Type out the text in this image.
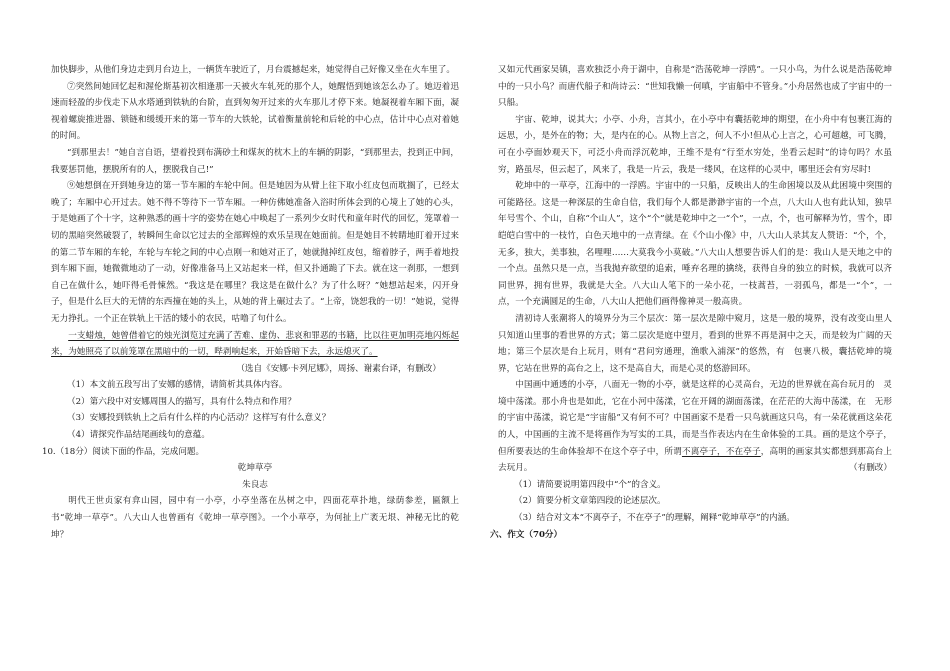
加快脚步，从他们身边走到月台边上，一辆货车驶近了，月台震撼起来，她觉得自己好像又坐在火车里了。

⑦突然间她回忆起和渥伦斯基初次相逢那一天被火车轧死的那个人，她醒悟到她该怎么办了。她迈着迅速而轻盈的步伐走下从水塔通到铁轨的台阶，直到匆匆开过来的火车那儿才停下来。她凝视着车厢下面，凝视着螺旋推进器、锁链和缓缓开来的第一节车的大铁轮，试着衡量前轮和后轮的中心点，估计中心点对着她的时间。

“到那里去！”她自言自语，望着投到布满砂土和煤灰的枕木上的车辆的阴影，“到那里去，投到正中间，我要惩罚他，摆脱所有的人，摆脱我自己!”

⑨她想倒在开到她身边的第一节车厢的车轮中间。但是她因为从臂上往下取小红皮包而耽搁了，已经太晚了；车厢中心开过去。她不得不等待下一节车厢。一种仿佛她准备入浴时所体会到的心境上了她的心头，于是她画了个十字，这种熟悉的画十字的姿势在她心中唤起了一系列少女时代和童年时代的回忆，笼罩着一切的黑暗突然破裂了，转瞬间生命以它过去的全部辉煌的欢乐呈现在她面前。但是她目不转睛地盯着开过来的第二节车厢的车轮，车轮与车轮之间的中心点刚一和她对正了，她就抛掉红皮包，缩着脖子，两手着地投到车厢下面，她微微地动了一动，好像准备马上又站起来一样，但又扑通跪了下去。就在这一刹那，一想到自己在做什么，她吓得毛骨悚然。“我这是在哪里？我这是在做什么？为了什么呀？”她想站起来，闪开身子，但是什么巨大的无情的东西撞在她的头上，从她的背上碾过去了。“上帝，饶恕我的一切！”她说，觉得无力挣扎。一个正在铁轨上干活的矮小的农民，咕噜了句什么。

一支蜡烛，她曾借着它的烛光浏览过充满了苦难、虚伪、悲哀和罪恶的书籍，比以往更加明亮地闪烁起来，为她照亮了以前笼罩在黑暗中的一切，哔剥响起来，开始昏暗下去，永远熄灭了。

（选自《安娜·卡列尼娜》，周扬、谢素台译，有删改）

（1）本文前五段写出了安娜的感情，请简析其具体内容。

（2）第六段中对安娜周围人的描写，具有什么特点和作用？

（3）安娜投到铁轨上之后有什么样的内心活动？这样写有什么意义？

（4）请探究作品结尾画线句的意蕴。

10.（18分）阅读下面的作品，完成问题。

乾坤草亭

朱良志

明代王世贞家有弇山园，园中有一小亭，小亭坐落在丛树之中，四面花草扑地，绿荫参差，匾额上书“乾坤一草亭”。八大山人也曾画有《乾坤一草亭图》。一个小草亭，为何扯上广袤无垠、神秘无比的乾坤？

又如元代画家吴镇，喜欢独泛小舟于湖中，自称是“浩荡乾坤一浮鸥”。一只小鸟，为什么说是浩荡乾坤中的一只小鸟？而唐代船子和尚诗云：“世知我懒一何嗔，宇宙船中不管身。”小舟居然也成了宇宙中的一只船。

宇宙、乾坤，说其大；小亭、小舟，言其小，在小亭中有囊括乾坤的期望，在小舟中有包裹江海的远思，小，是外在的物；大，是内在的心。从物上言之，何人不小!但从心上言之，心可超越，可飞腾，可在小亭面妙观天下，可泛小舟而浮沉乾坤，王维不是有“行至水穷处，坐看云起时”的诗句吗？水虽穷，路虽尽，但云起了，风来了，我是一片云，我是一缕风，在这样的心灵中，哪里还会有穷尽时!

乾坤中的一草亭，江海中的一浮鸥。宇宙中的一只船，反映出人的生命困境以及从此困境中突围的可能路径。这是一种深层的生命自信，我们每个人都是渺渺宇宙的一个点，八大山人也有此认知，独早年号雪个、个山，自称“个山人”，这个“个”就是乾坤中之一“个”，一点，个，也可解释为竹，雪个，即皑皑白雪中的一枝竹，白色天地中的一点青绿。在《个山小像》中，八大山人录其友人赞语：“个，个，无多，独大，美事独，名哩哩……大莫我今小莫破。”八大山人想要告诉人们的是：我山人是天地之中的一个点。虽然只是一点，当我抛弃欲望的追索，唾弃名理的擒绕，获得自身的独立的时候，我就可以齐同世界，拥有世界，我就是大全。八大山人笔下的一朵小花，一枝蒿苔，一羽孤鸟，都是一“个”，一点，一个充满圆足的生命，八大山人把他们画得像神灵一般高贵。

清初诗人张潮将人的境界分为三个层次：第一层次是隙中窥月，这是一般的境界，没有改变山里人只知道山里事的看世界的方式；第二层次是庭中望月，看到的世界不再是洞中之天，而是较为广阔的天地；第三个层次是台上玩月，则有“君问穷通理，渔歌入浦深”的悠然，有　包裹八极，囊括乾坤的境界，它站在世界的高台之上，这不是高自大，而是心灵的悠游回环。

中国画中通透的小亭，八面无一物的小亭，就是这样的心灵高台，无边的世界就在高台玩月的　灵境中荡漾。那小舟也是如此，它在小河中荡漾，它在开阔的湖面荡漾，在茫茫的大海中荡漾，在　无形的宇宙中荡漾，说它是“宇宙船”又有何不可？中国画家不是看一只鸟就画这只鸟，有一朵花就画这朵花的人，中国画的主流不是将画作为写实的工具，而是当作表达内在生命体验的工具。画的是这个亭子，但所要表达的生命体验却不在这个亭子中，所谓不离亭子，不在亭子，高明的画家其实都想到那高台上去玩月。	（有删改）

（1）请简要说明第四段中“个”的含义。

（2）简要分析文章第四段的论述层次。

（3）结合对文本“不离亭子，不在亭子”的理解，阐释“乾坤草亭”的内涵。

六、作文（70分）
